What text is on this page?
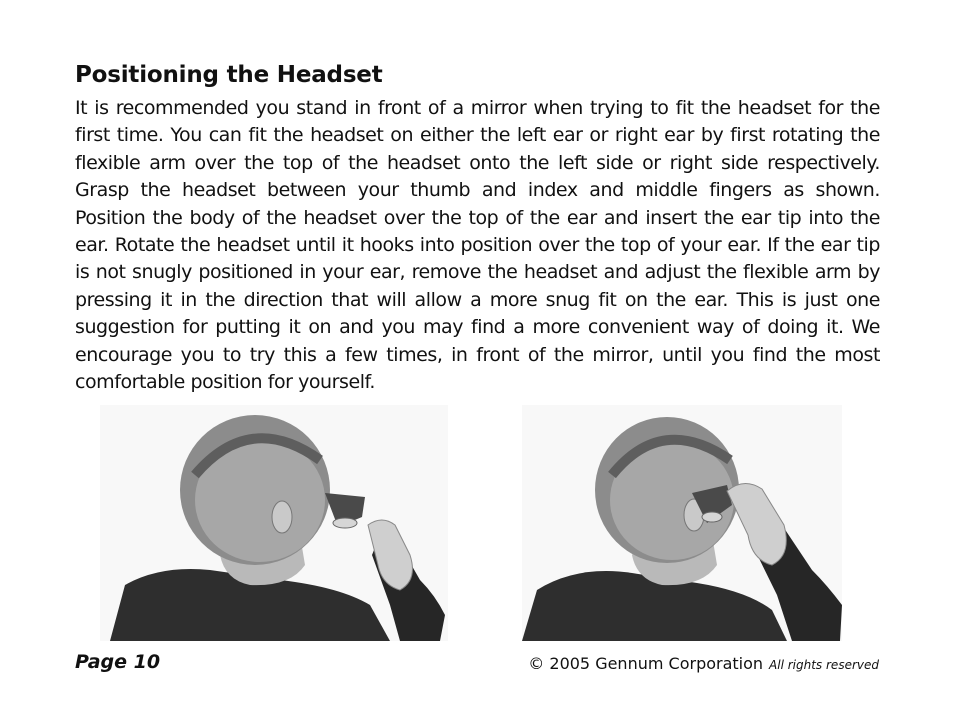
Positioning the Headset

It is recommended you stand in front of a mirror when trying to fit the headset for the first time. You can fit the headset on either the left ear or right ear by first rotating the flexible arm over the top of the headset onto the left side or right side respectively. Grasp the headset between your thumb and index and middle fingers as shown. Position the body of the headset over the top of the ear and insert the ear tip into the ear. Rotate the headset until it hooks into position over the top of your ear. If the ear tip is not snugly positioned in your ear, remove the headset and adjust the flexible arm by pressing it in the direction that will allow a more snug fit on the ear. This is just one suggestion for putting it on and you may find a more convenient way of doing it. We encourage you to try this a few times, in front of the mirror, until you find the most comfortable position for yourself.

Page 10	© 2005 Gennum Corporation All rights reserved
